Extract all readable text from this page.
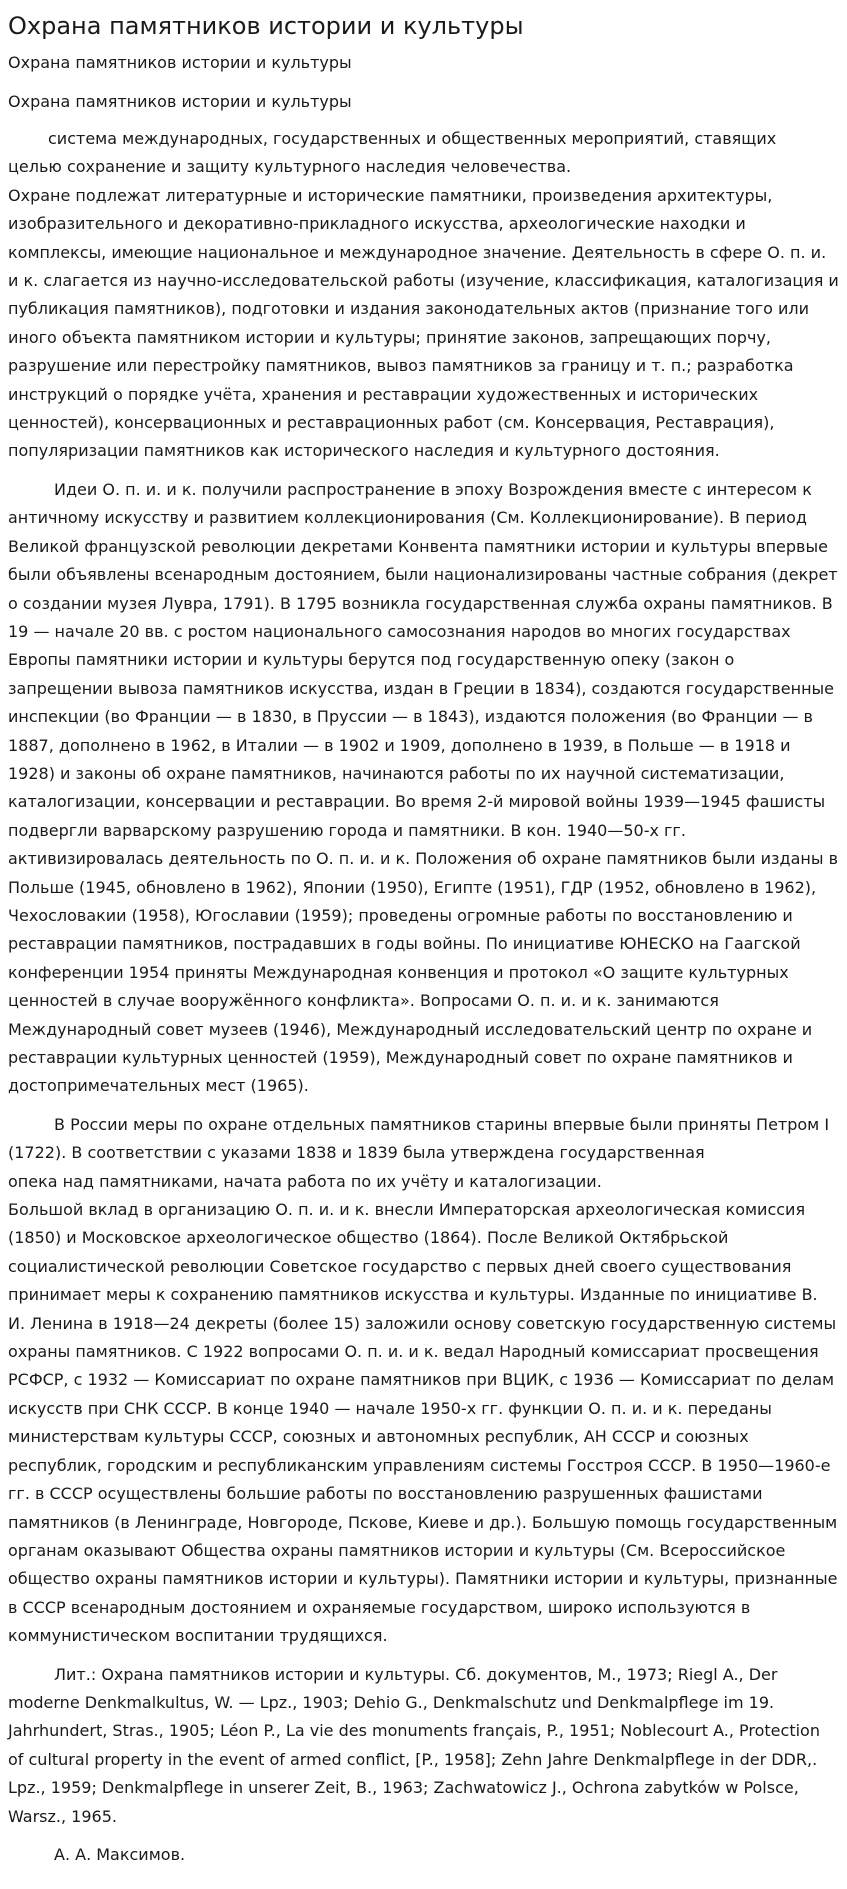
Охрана памятников истории и культуры
Охрана памятников истории и культуры
Охрана памятников истории и культуры
система международных, государственных и общественных мероприятий, ставящих
целью сохранение и защиту культурного наследия человечества.
Охране подлежат литературные и исторические памятники, произведения архитектуры,
изобразительного и декоративно-прикладного искусства, археологические находки и
комплексы, имеющие национальное и международное значение. Деятельность в сфере О. п. и.
и к. слагается из научно-исследовательской работы (изучение, классификация, каталогизация и
публикация памятников), подготовки и издания законодательных актов (признание того или
иного объекта памятником истории и культуры; принятие законов, запрещающих порчу,
разрушение или перестройку памятников, вывоз памятников за границу и т. п.; разработка
инструкций о порядке учёта, хранения и реставрации художественных и исторических
ценностей), консервационных и реставрационных работ (см. Консервация, Реставрация),
популяризации памятников как исторического наследия и культурного достояния.
Идеи О. п. и. и к. получили распространение в эпоху Возрождения вместе с интересом к
античному искусству и развитием коллекционирования (См. Коллекционирование). В период
Великой французской революции декретами Конвента памятники истории и культуры впервые
были объявлены всенародным достоянием, были национализированы частные собрания (декрет
о создании музея Лувра, 1791). В 1795 возникла государственная служба охраны памятников. В
19 — начале 20 вв. с ростом национального самосознания народов во многих государствах
Европы памятники истории и культуры берутся под государственную опеку (закон о
запрещении вывоза памятников искусства, издан в Греции в 1834), создаются государственные
инспекции (во Франции — в 1830, в Пруссии — в 1843), издаются положения (во Франции — в
1887, дополнено в 1962, в Италии — в 1902 и 1909, дополнено в 1939, в Польше — в 1918 и
1928) и законы об охране памятников, начинаются работы по их научной систематизации,
каталогизации, консервации и реставрации. Во время 2-й мировой войны 1939—1945 фашисты
подвергли варварскому разрушению города и памятники. В кон. 1940—50-х гг.
активизировалась деятельность по О. п. и. и к. Положения об охране памятников были изданы в
Польше (1945, обновлено в 1962), Японии (1950), Египте (1951), ГДР (1952, обновлено в 1962),
Чехословакии (1958), Югославии (1959); проведены огромные работы по восстановлению и
реставрации памятников, пострадавших в годы войны. По инициативе ЮНЕСКО на Гаагской
конференции 1954 приняты Международная конвенция и протокол «О защите культурных
ценностей в случае вооружённого конфликта». Вопросами О. п. и. и к. занимаются
Международный совет музеев (1946), Международный исследовательский центр по охране и
реставрации культурных ценностей (1959), Международный совет по охране памятников и
достопримечательных мест (1965).
В России меры по охране отдельных памятников старины впервые были приняты Петром I
(1722). В соответствии с указами 1838 и 1839 была утверждена государственная
опека над памятниками, начата работа по их учёту и каталогизации.
Большой вклад в организацию О. п. и. и к. внесли Императорская археологическая комиссия
(1850) и Московское археологическое общество (1864). После Великой Октябрьской
социалистической революции Советское государство с первых дней своего существования
принимает меры к сохранению памятников искусства и культуры. Изданные по инициативе В.
И. Ленина в 1918—24 декреты (более 15) заложили основу советскую государственную системы
охраны памятников. С 1922 вопросами О. п. и. и к. ведал Народный комиссариат просвещения
РСФСР, с 1932 — Комиссариат по охране памятников при ВЦИК, с 1936 — Комиссариат по делам
искусств при СНК СССР. В конце 1940 — начале 1950-х гг. функции О. п. и. и к. переданы
министерствам культуры СССР, союзных и автономных республик, АН СССР и союзных
республик, городским и республиканским управлениям системы Госстроя СССР. В 1950—1960-е
гг. в СССР осуществлены большие работы по восстановлению разрушенных фашистами
памятников (в Ленинграде, Новгороде, Пскове, Киеве и др.). Большую помощь государственным
органам оказывают Общества охраны памятников истории и культуры (См. Всероссийское
общество охраны памятников истории и культуры). Памятники истории и культуры, признанные
в СССР всенародным достоянием и охраняемые государством, широко используются в
коммунистическом воспитании трудящихся.
Лит.: Охрана памятников истории и культуры. Сб. документов, М., 1973; Riegl A., Der
moderne Denkmalkultus, W. — Lpz., 1903; Dehio G., Denkmalschutz und Denkmalpflege im 19.
Jahrhundert, Stras., 1905; Léon P., La vie des monuments français, P., 1951; Noblecourt A., Protection
of cultural property in the event of armed conflict, [P., 1958]; Zehn Jahre Denkmalpflege in der DDR,.
Lpz., 1959; Denkmalpflege in unserer Zeit, B., 1963; Zachwatowicz J., Ochrona zabytków w Polsce,
Warsz., 1965.
А. А. Максимов.
